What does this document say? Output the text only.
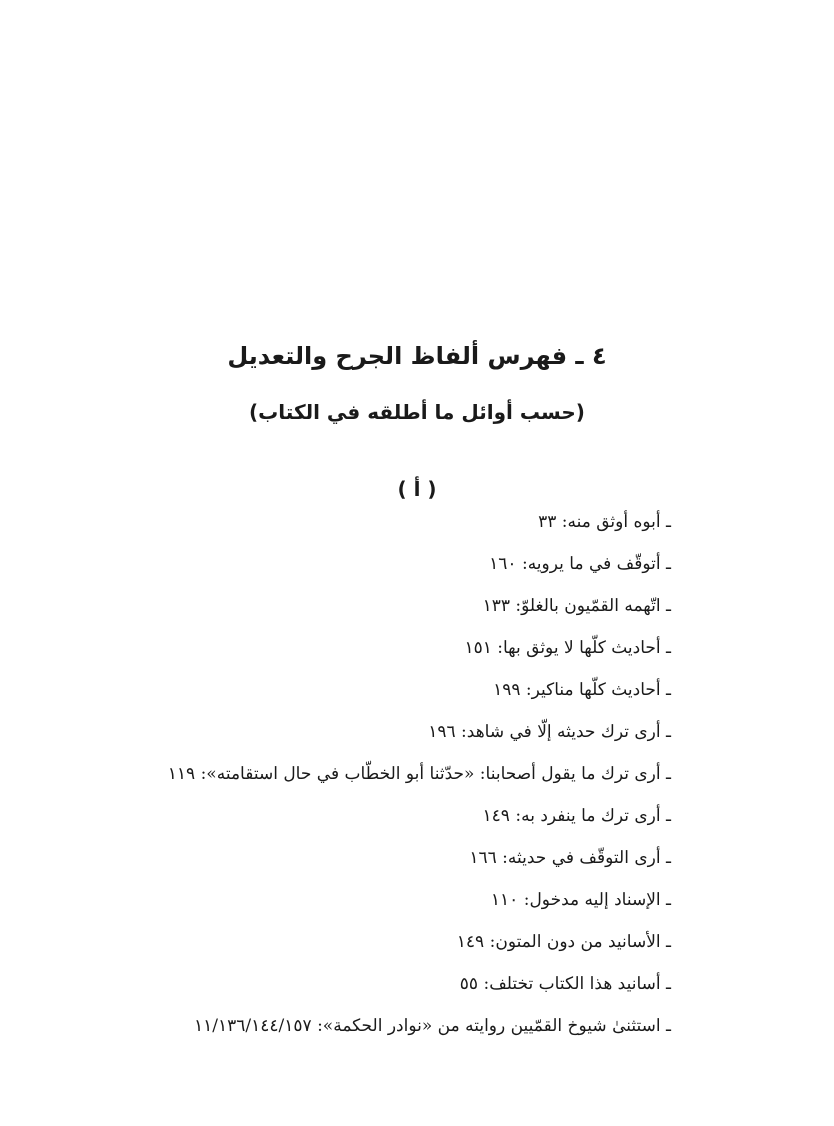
٤ ـ فهرس ألفاظ الجرح والتعديل
(حسب أوائل ما أطلقه في الكتاب)
( أ )
ـ أبوه أوثق منه: ٣٣
ـ أتوقّف في ما يرويه: ١٦٠
ـ اتّهمه القمّيون بالغلوّ: ١٣٣
ـ أحاديث كلّها لا يوثق بها: ١٥١
ـ أحاديث كلّها مناكير: ١٩٩
ـ أرى ترك حديثه إلّا في شاهد: ١٩٦
ـ أرى ترك ما يقول أصحابنا: «حدّثنا أبو الخطّاب في حال استقامته»: ١١٩
ـ أرى ترك ما ينفرد به: ١٤٩
ـ أرى التوقّف في حديثه: ١٦٦
ـ الإسناد إليه مدخول: ١١٠
ـ الأسانيد من دون المتون: ١٤٩
ـ أسانيد هذا الكتاب تختلف: ٥٥
ـ استثنىٰ شيوخ القمّيين روايته من «نوادر الحكمة»: ١١/١٣٦/١٤٤/١٥٧
